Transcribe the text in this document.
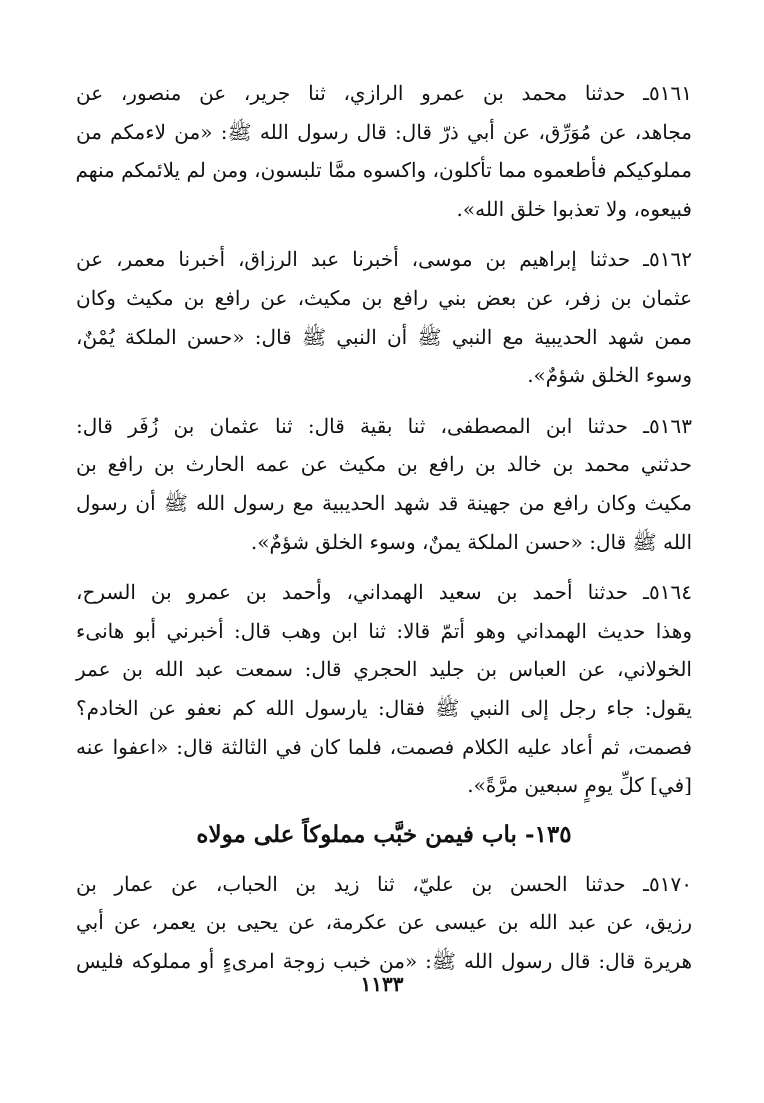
٥١٦١ـ حدثنا محمد بن عمرو الرازي، ثنا جرير، عن منصور، عن
مجاهد، عن مُوَرِّق، عن أبي ذرّ قال: قال رسول الله ﷺ: «من لاءمكم من
مملوكيكم فأطعموه مما تأكلون، واكسوه ممَّا تلبسون، ومن لم يلائمكم منهم
فبيعوه، ولا تعذبوا خلق الله».
٥١٦٢ـ حدثنا إبراهيم بن موسى، أخبرنا عبد الرزاق، أخبرنا معمر، عن
عثمان بن زفر، عن بعض بني رافع بن مكيث، عن رافع بن مكيث وكان
ممن شهد الحديبية مع النبي ﷺ أن النبي ﷺ قال: «حسن الملكة يُمْنٌ،
وسوء الخلق شؤمٌ».
٥١٦٣ـ حدثنا ابن المصطفى، ثنا بقية قال: ثنا عثمان بن زُفَر قال:
حدثني محمد بن خالد بن رافع بن مكيث عن عمه الحارث بن رافع بن
مكيث وكان رافع من جهينة قد شهد الحديبية مع رسول الله ﷺ أن رسول
الله ﷺ قال: «حسن الملكة يمنٌ، وسوء الخلق شؤمٌ».
٥١٦٤ـ حدثنا أحمد بن سعيد الهمداني، وأحمد بن عمرو بن السرح،
وهذا حديث الهمداني وهو أتمّ قالا: ثنا ابن وهب قال: أخبرني أبو هانىء
الخولاني، عن العباس بن جليد الحجري قال: سمعت عبد الله بن عمر
يقول: جاء رجل إلى النبي ﷺ فقال: يارسول الله كم نعفو عن الخادم؟
فصمت، ثم أعاد عليه الكلام فصمت، فلما كان في الثالثة قال: «اعفوا عنه
[في] كلِّ يومٍ سبعين مرَّةً».
١٣٥- باب فيمن خبَّب مملوكاً على مولاه
٥١٧٠ـ حدثنا الحسن بن عليّ، ثنا زيد بن الحباب، عن عمار بن
رزيق، عن عبد الله بن عيسى عن عكرمة، عن يحيى بن يعمر، عن أبي
هريرة قال: قال رسول الله ﷺ: «من خبب زوجة امرىءٍ أو مملوكه فليس
١١٣٣
